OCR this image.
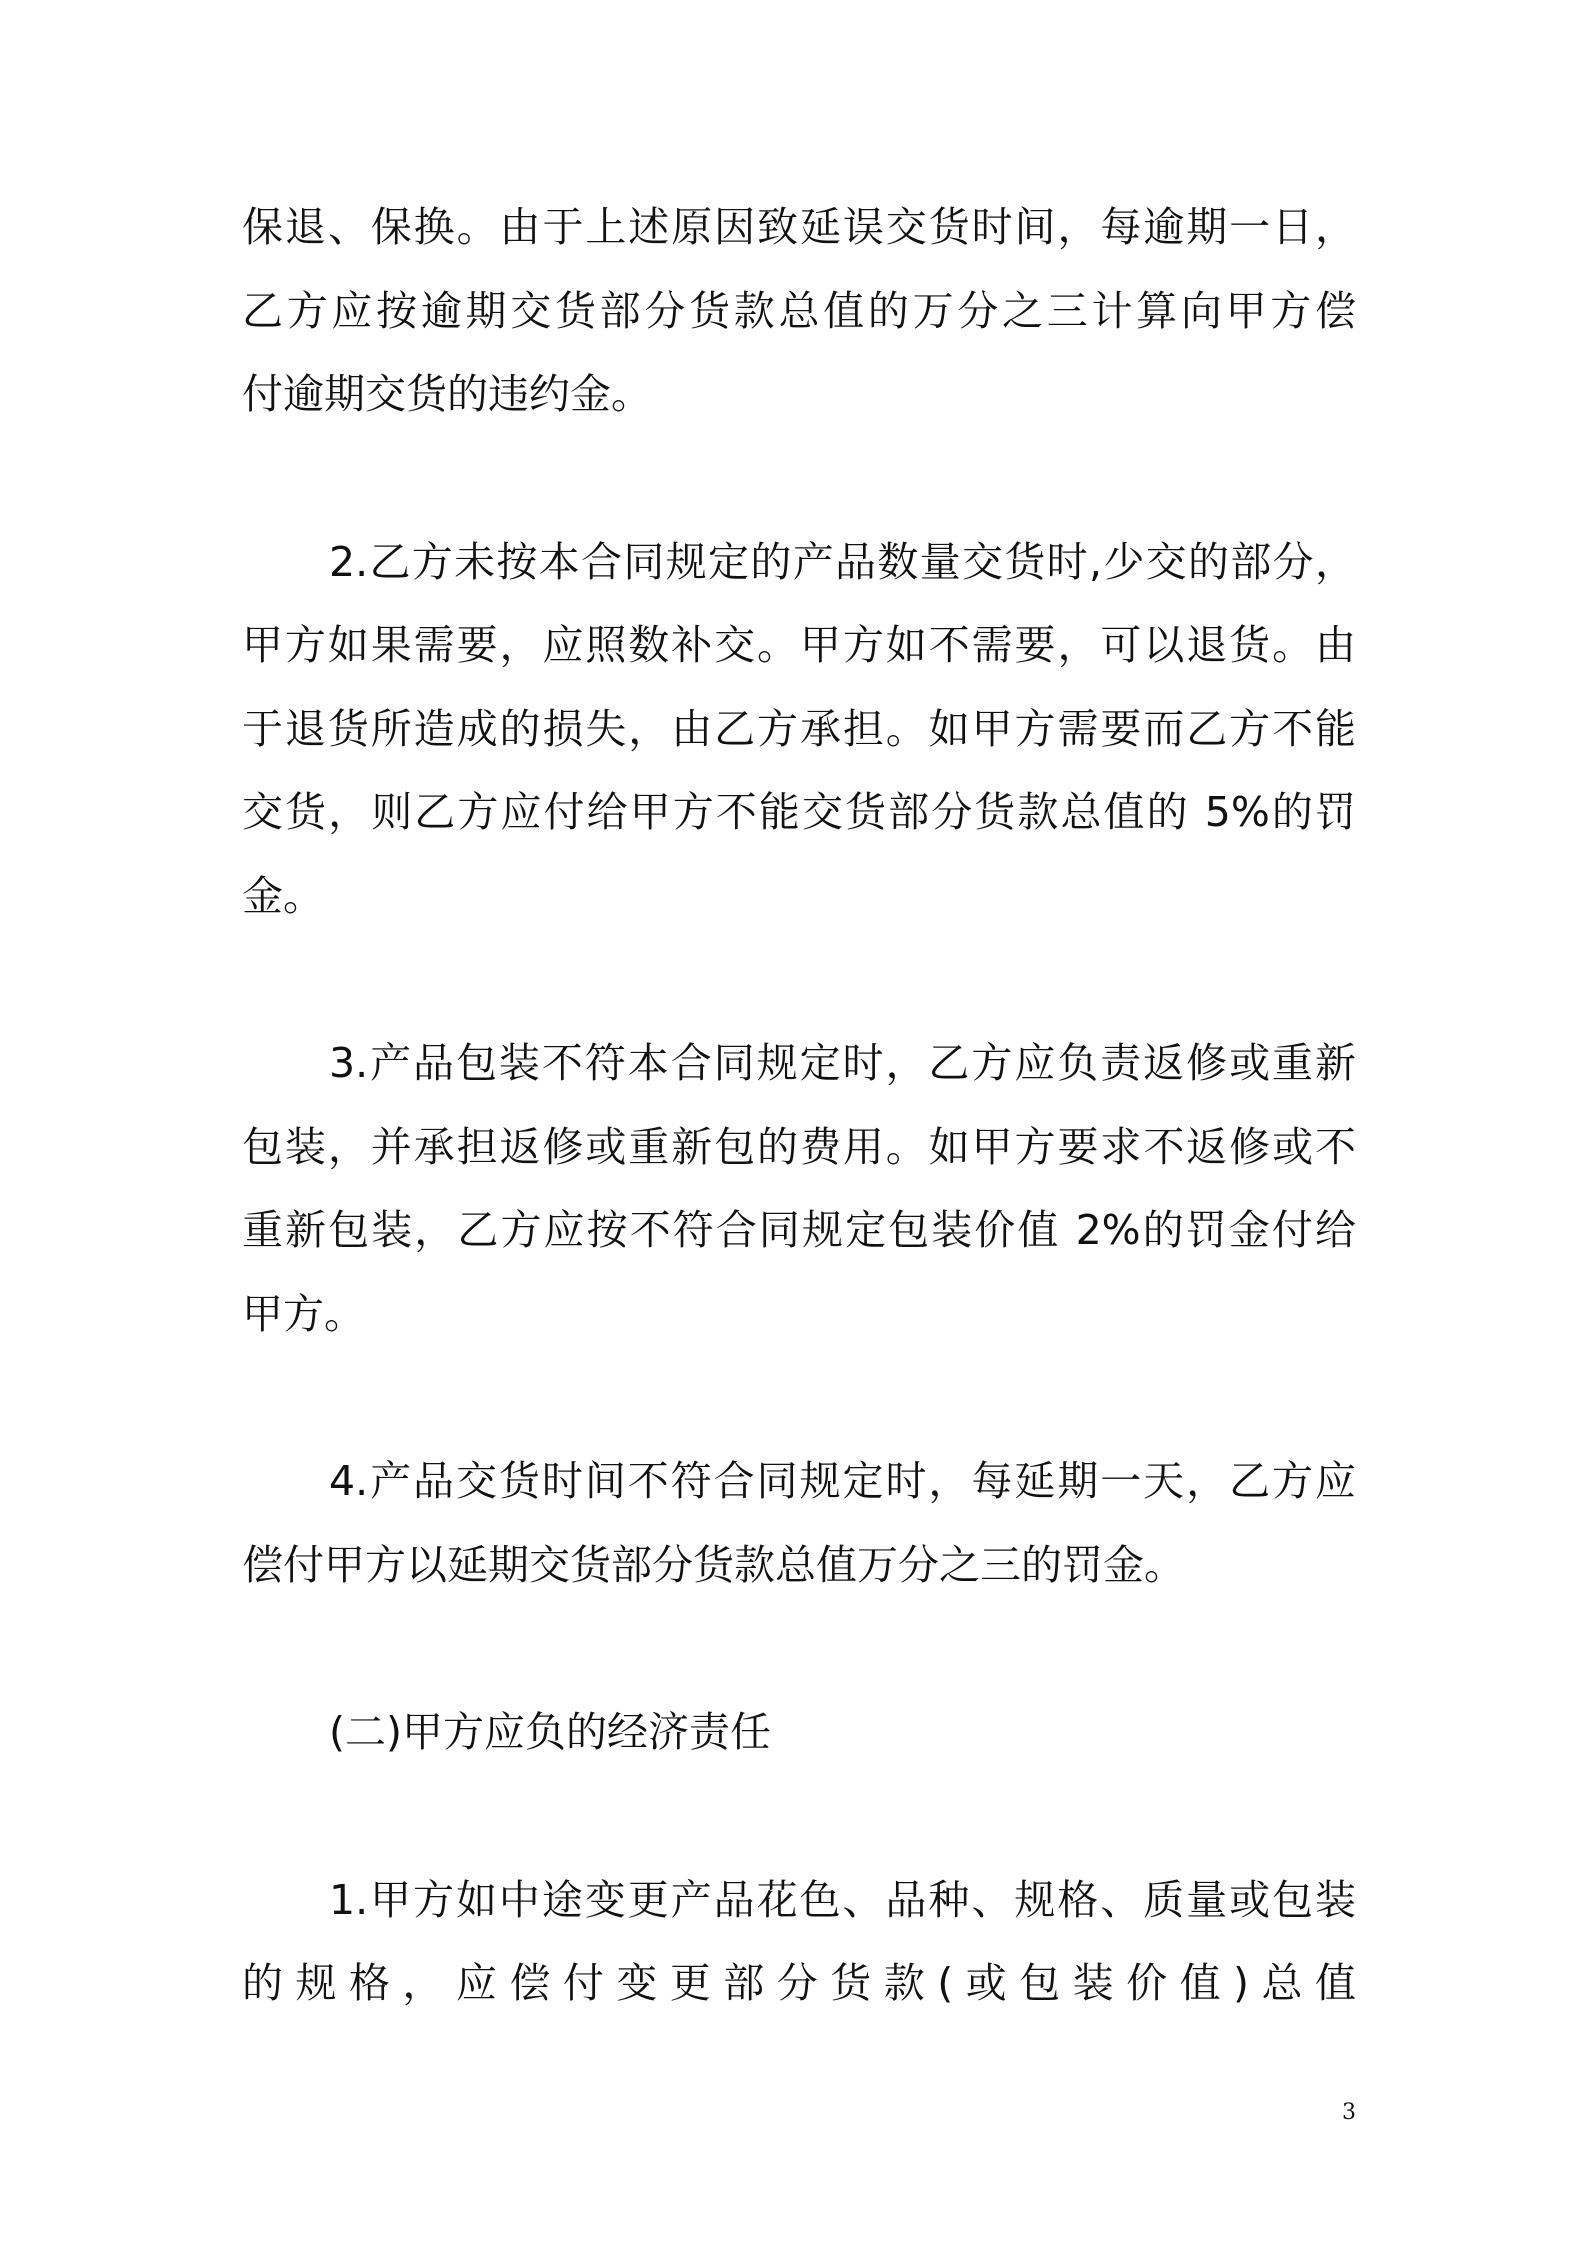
保退、保换。由于上述原因致延误交货时间，每逾期一日，
乙方应按逾期交货部分货款总值的万分之三计算向甲方偿
付逾期交货的违约金。

2.乙方未按本合同规定的产品数量交货时,少交的部分，
甲方如果需要，应照数补交。甲方如不需要，可以退货。由
于退货所造成的损失，由乙方承担。如甲方需要而乙方不能
交货，则乙方应付给甲方不能交货部分货款总值的 5%的罚
金。

3.产品包装不符本合同规定时，乙方应负责返修或重新
包装，并承担返修或重新包的费用。如甲方要求不返修或不
重新包装，乙方应按不符合同规定包装价值 2%的罚金付给
甲方。

4.产品交货时间不符合同规定时，每延期一天，乙方应
偿付甲方以延期交货部分货款总值万分之三的罚金。

(二)甲方应负的经济责任

1.甲方如中途变更产品花色、品种、规格、质量或包装
的规格，应偿付变更部分货款(或包装价值)总值

3
